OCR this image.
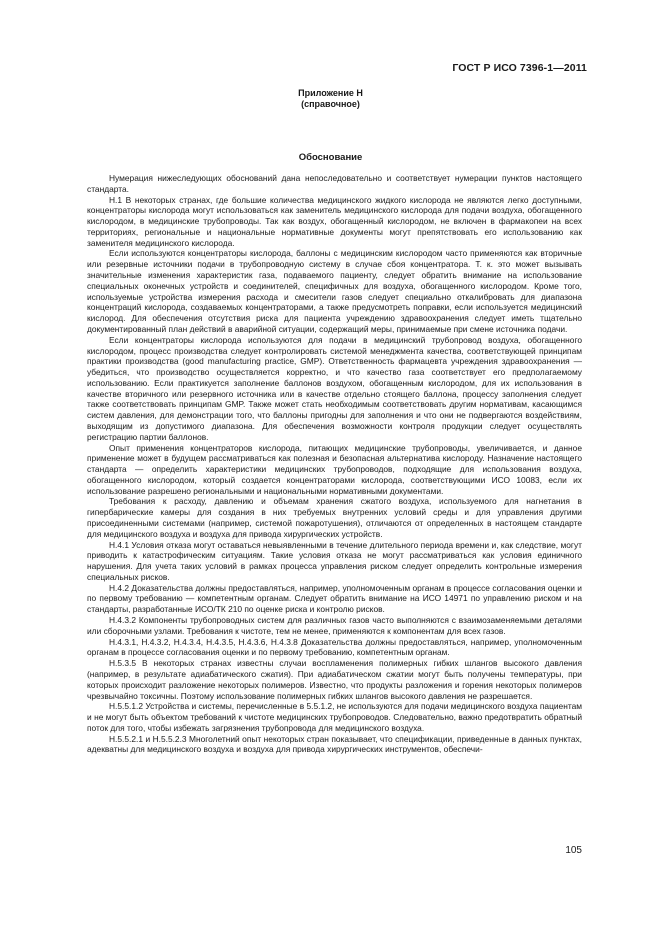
ГОСТ Р ИСО 7396-1—2011
Приложение Н
(справочное)
Обоснование

Нумерация нижеследующих обоснований дана непоследовательно и соответствует нумерации пунктов настоящего стандарта.

Н.1 В некоторых странах, где большие количества медицинского жидкого кислорода не являются легко доступными, концентраторы кислорода могут использоваться как заменитель медицинского кислорода для подачи воздуха, обогащенного кислородом, в медицинские трубопроводы. Так как воздух, обогащенный кислородом, не включен в фармакопеи на всех территориях, региональные и национальные нормативные документы могут препятствовать его использованию как заменителя медицинского кислорода.

Если используются концентраторы кислорода, баллоны с медицинским кислородом часто применяются как вторичные или резервные источники подачи в трубопроводную систему в случае сбоя концентратора. Т. к. это может вызывать значительные изменения характеристик газа, подаваемого пациенту, следует обратить внимание на использование специальных оконечных устройств и соединителей, специфичных для воздуха, обогащенного кислородом. Кроме того, используемые устройства измерения расхода и смесители газов следует специально откалибровать для диапазона концентраций кислорода, создаваемых концентраторами, а также предусмотреть поправки, если используется медицинский кислород. Для обеспечения отсутствия риска для пациента учреждению здравоохранения следует иметь тщательно документированный план действий в аварийной ситуации, содержащий меры, принимаемые при смене источника подачи.

Если концентраторы кислорода используются для подачи в медицинский трубопровод воздуха, обогащенного кислородом, процесс производства следует контролировать системой менеджмента качества, соответствующей принципам практики производства (good manufacturing practice, GMP). Ответственность фармацевта учреждения здравоохранения — убедиться, что производство осуществляется корректно, и что качество газа соответствует его предполагаемому использованию. Если практикуется заполнение баллонов воздухом, обогащенным кислородом, для их использования в качестве вторичного или резервного источника или в качестве отдельно стоящего баллона, процессу заполнения следует также соответствовать принципам GMP. Также может стать необходимым соответствовать другим нормативам, касающимся систем давления, для демонстрации того, что баллоны пригодны для заполнения и что они не подвергаются воздействиям, выходящим из допустимого диапазона. Для обеспечения возможности контроля продукции следует осуществлять регистрацию партии баллонов.

Опыт применения концентраторов кислорода, питающих медицинские трубопроводы, увеличивается, и данное применение может в будущем рассматриваться как полезная и безопасная альтернатива кислороду. Назначение настоящего стандарта — определить характеристики медицинских трубопроводов, подходящие для использования воздуха, обогащенного кислородом, который создается концентраторами кислорода, соответствующими ИСО 10083, если их использование разрешено региональными и национальными нормативными документами.

Требования к расходу, давлению и объемам хранения сжатого воздуха, используемого для нагнетания в гипербарические камеры для создания в них требуемых внутренних условий среды и для управления другими присоединенными системами (например, системой пожаротушения), отличаются от определенных в настоящем стандарте для медицинского воздуха и воздуха для привода хирургических устройств.

Н.4.1 Условия отказа могут оставаться невыявленными в течение длительного периода времени и, как следствие, могут приводить к катастрофическим ситуациям. Такие условия отказа не могут рассматриваться как условия единичного нарушения. Для учета таких условий в рамках процесса управления риском следует определить контрольные измерения специальных рисков.

Н.4.2 Доказательства должны предоставляться, например, уполномоченным органам в процессе согласования оценки и по первому требованию — компетентным органам. Следует обратить внимание на ИСО 14971 по управлению риском и на стандарты, разработанные ИСО/ТК 210 по оценке риска и контролю рисков.

Н.4.3.2 Компоненты трубопроводных систем для различных газов часто выполняются с взаимозаменяемыми деталями или сборочными узлами. Требования к чистоте, тем не менее, применяются к компонентам для всех газов.

Н.4.3.1, Н.4.3.2, Н.4.3.4, Н.4.3.5, Н.4.3.6, Н.4.3.8 Доказательства должны предоставляться, например, уполномоченным органам в процессе согласования оценки и по первому требованию, компетентным органам.

Н.5.3.5 В некоторых странах известны случаи воспламенения полимерных гибких шлангов высокого давления (например, в результате адиабатического сжатия). При адиабатическом сжатии могут быть получены температуры, при которых происходит разложение некоторых полимеров. Известно, что продукты разложения и горения некоторых полимеров чрезвычайно токсичны. Поэтому использование полимерных гибких шлангов высокого давления не разрешается.

Н.5.5.1.2 Устройства и системы, перечисленные в 5.5.1.2, не используются для подачи медицинского воздуха пациентам и не могут быть объектом требований к чистоте медицинских трубопроводов. Следовательно, важно предотвратить обратный поток для того, чтобы избежать загрязнения трубопровода для медицинского воздуха.

Н.5.5.2.1 и Н.5.5.2.3 Многолетний опыт некоторых стран показывает, что спецификации, приведенные в данных пунктах, адекватны для медицинского воздуха и воздуха для привода хирургических инструментов, обеспечи-

105
